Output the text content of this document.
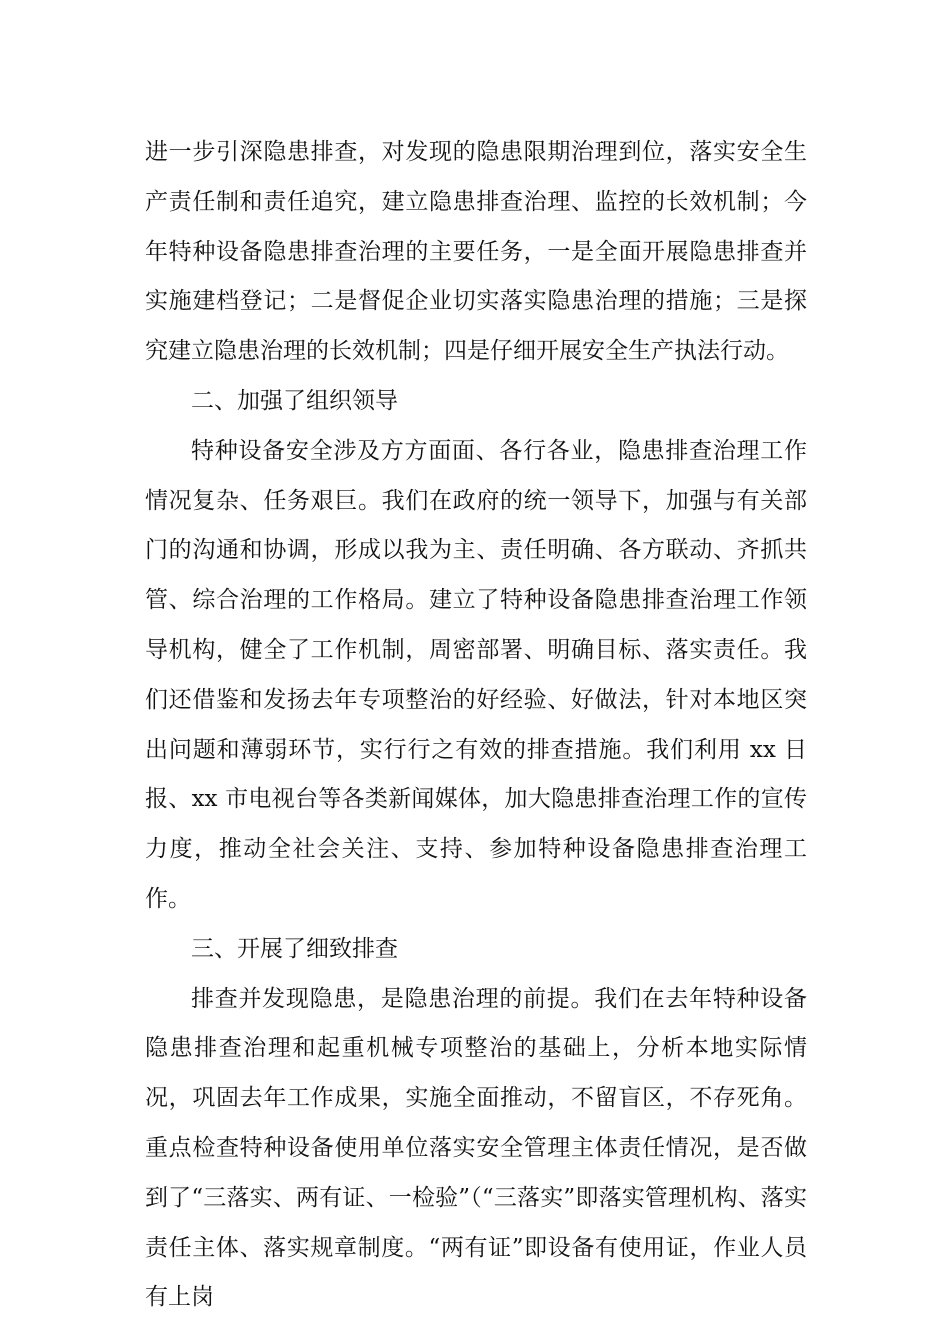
进一步引深隐患排查，对发现的隐患限期治理到位，落实安全生产责任制和责任追究，建立隐患排查治理、监控的长效机制；今年特种设备隐患排查治理的主要任务，一是全面开展隐患排查并实施建档登记；二是督促企业切实落实隐患治理的措施；三是探究建立隐患治理的长效机制；四是仔细开展安全生产执法行动。

二、加强了组织领导

特种设备安全涉及方方面面、各行各业，隐患排查治理工作情况复杂、任务艰巨。我们在政府的统一领导下，加强与有关部门的沟通和协调，形成以我为主、责任明确、各方联动、齐抓共管、综合治理的工作格局。建立了特种设备隐患排查治理工作领导机构，健全了工作机制，周密部署、明确目标、落实责任。我们还借鉴和发扬去年专项整治的好经验、好做法，针对本地区突出问题和薄弱环节，实行行之有效的排查措施。我们利用 xx 日报、xx 市电视台等各类新闻媒体，加大隐患排查治理工作的宣传力度，推动全社会关注、支持、参加特种设备隐患排查治理工作。

三、开展了细致排查

排查并发现隐患，是隐患治理的前提。我们在去年特种设备隐患排查治理和起重机械专项整治的基础上，分析本地实际情况，巩固去年工作成果，实施全面推动，不留盲区，不存死角。重点检查特种设备使用单位落实安全管理主体责任情况，是否做到了“三落实、两有证、一检验”（“三落实”即落实管理机构、落实责任主体、落实规章制度。“两有证”即设备有使用证，作业人员有上岗
